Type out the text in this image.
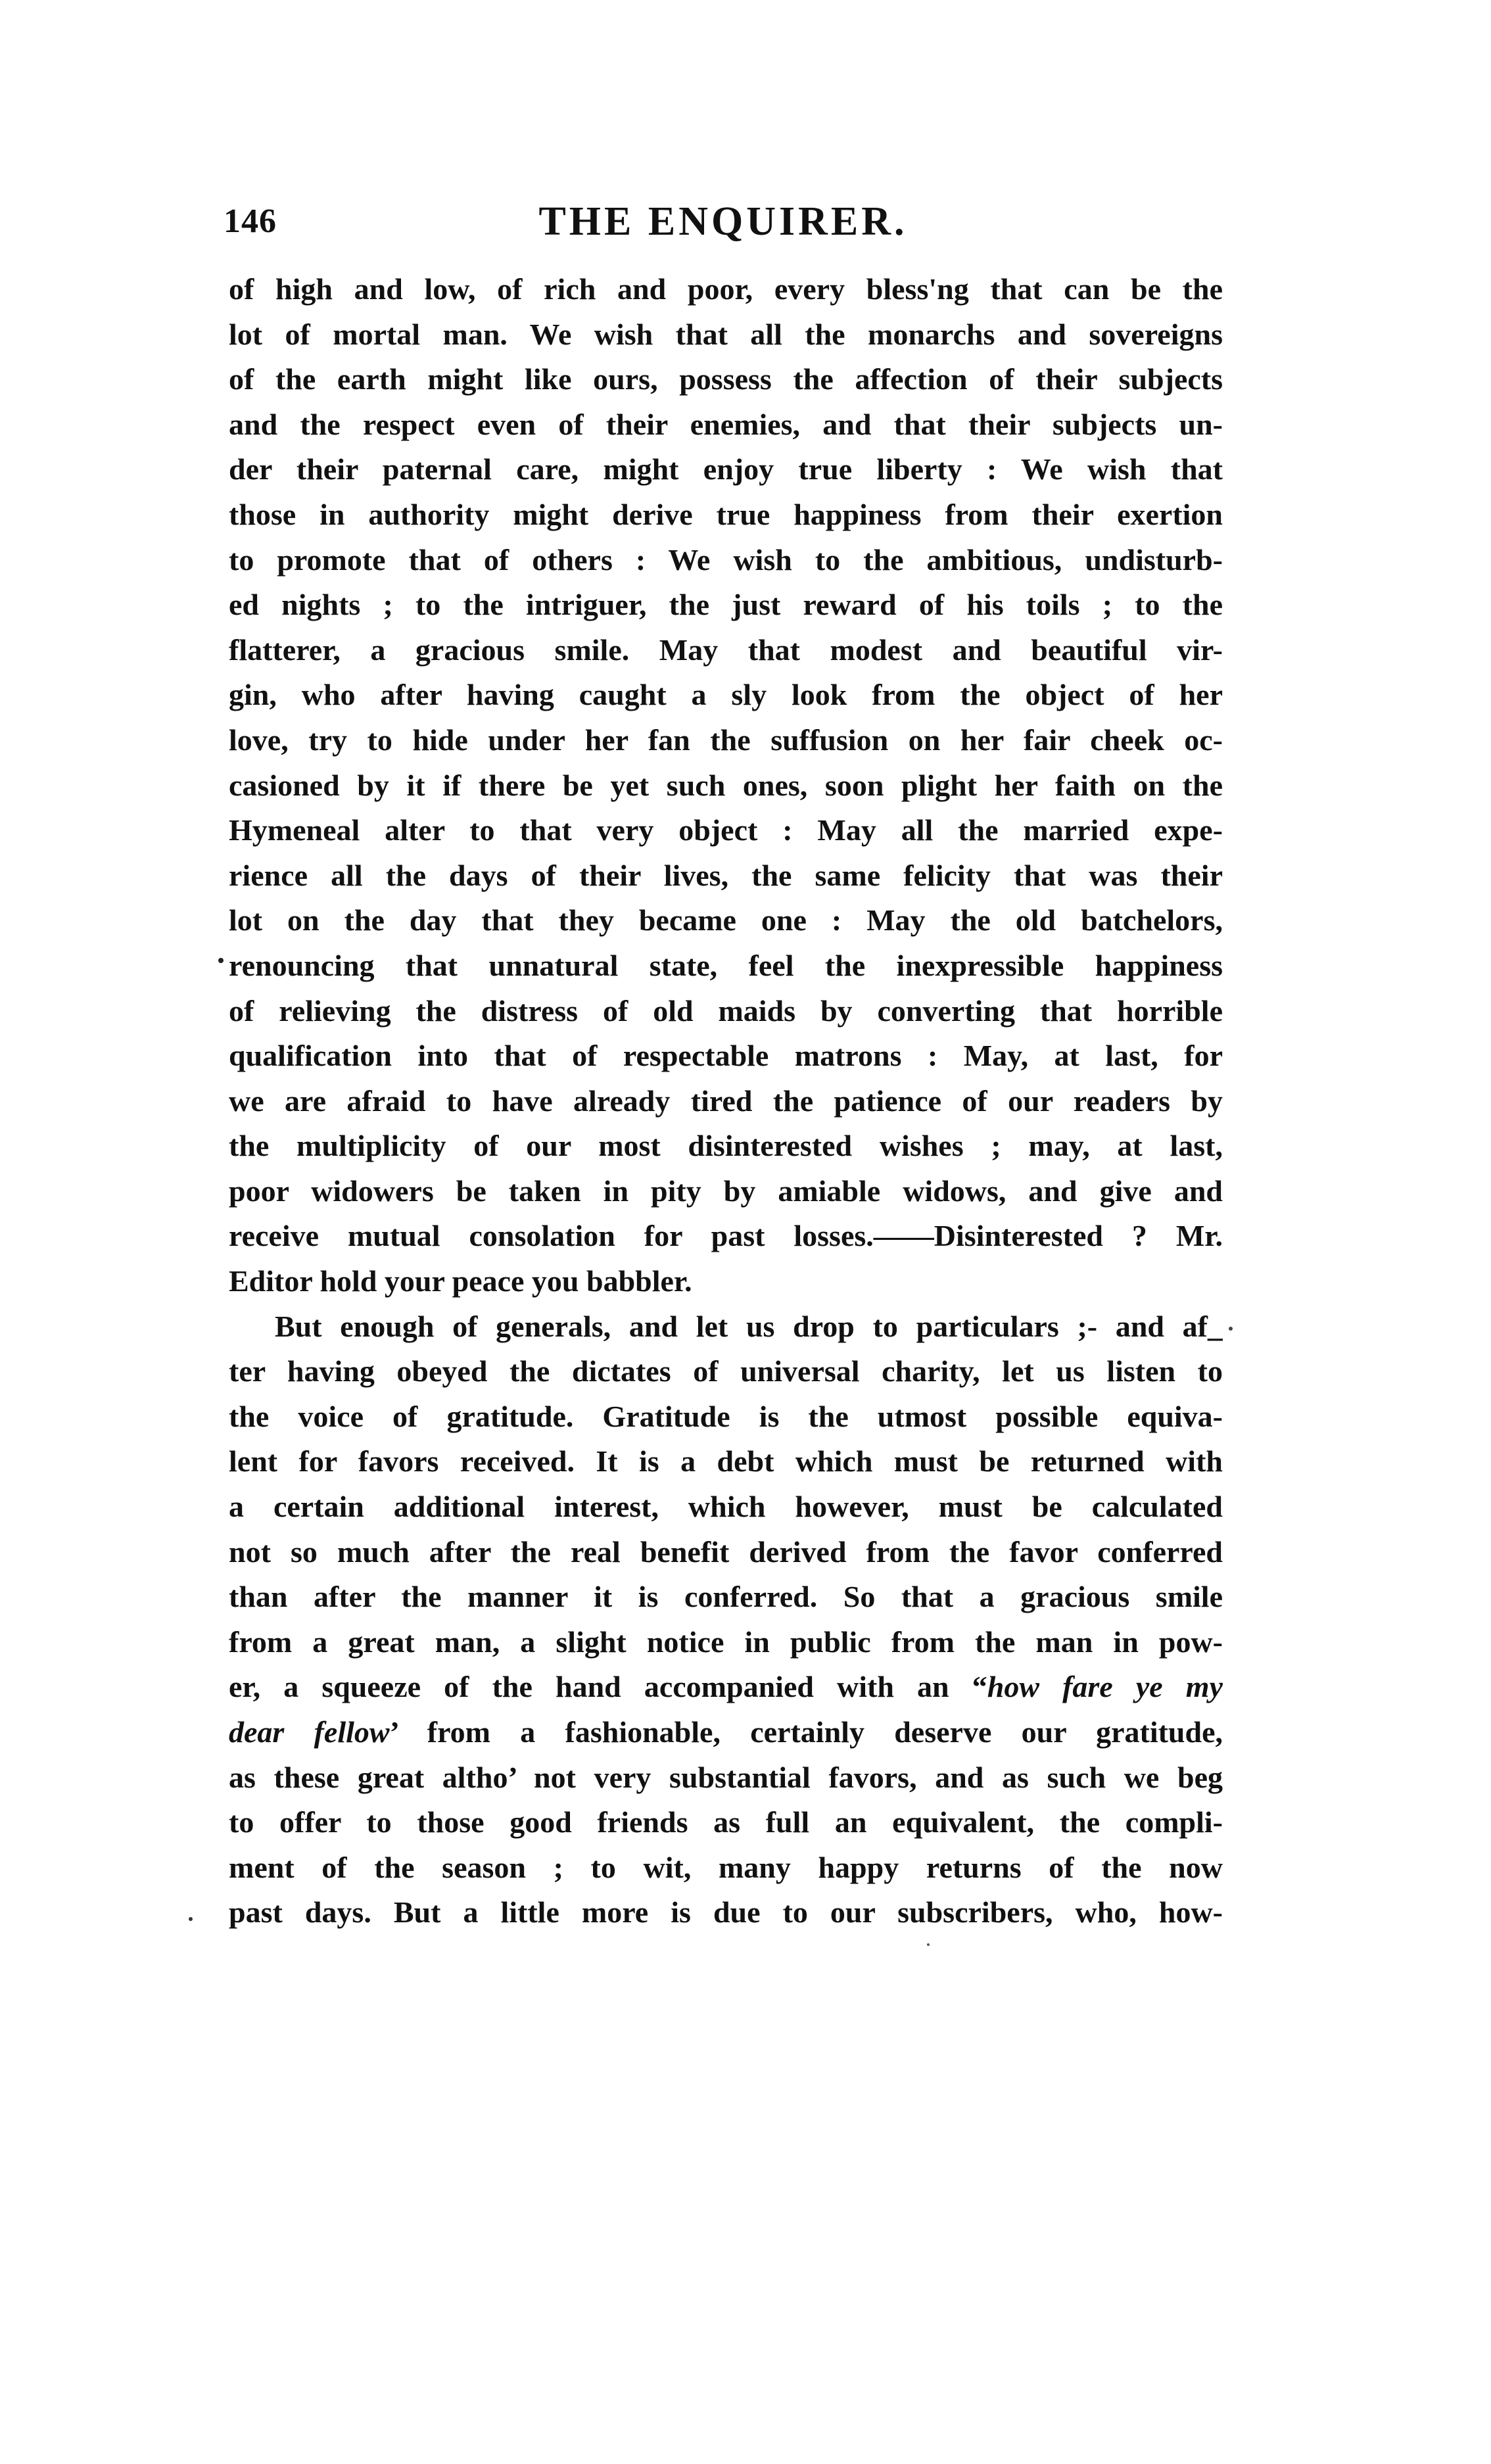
146	THE ENQUIRER.
of high and low, of rich and poor, every bless'ng that can be the
lot of mortal man. We wish that all the monarchs and sovereigns
of the earth might like ours, possess the affection of their subjects
and the respect even of their enemies, and that their subjects un-
der their paternal care, might enjoy true liberty : We wish that
those in authority might derive true happiness from their exertion
to promote that of others : We wish to the ambitious, undisturb-
ed nights ; to the intriguer, the just reward of his toils ; to the
flatterer, a gracious smile. May that modest and beautiful vir-
gin, who after having caught a sly look from the object of her
love, try to hide under her fan the suffusion on her fair cheek oc-
casioned by it if there be yet such ones, soon plight her faith on the
Hymeneal alter to that very object : May all the married expe-
rience all the days of their lives, the same felicity that was their
lot on the day that they became one : May the old batchelors,
renouncing that unnatural state, feel the inexpressible happiness
of relieving the distress of old maids by converting that horrible
qualification into that of respectable matrons : May, at last, for
we are afraid to have already tired the patience of our readers by
the multiplicity of our most disinterested wishes ; may, at last,
poor widowers be taken in pity by amiable widows, and give and
receive mutual consolation for past losses.——Disinterested ? Mr.
Editor hold your peace you babbler.
But enough of generals, and let us drop to particulars ;- and af_
ter having obeyed the dictates of universal charity, let us listen to
the voice of gratitude. Gratitude is the utmost possible equiva-
lent for favors received. It is a debt which must be returned with
a certain additional interest, which however, must be calculated
not so much after the real benefit derived from the favor conferred
than after the manner it is conferred. So that a gracious smile
from a great man, a slight notice in public from the man in pow-
er, a squeeze of the hand accompanied with an “how fare ye my
dear fellow’ from a fashionable, certainly deserve our gratitude,
as these great altho’ not very substantial favors, and as such we beg
to offer to those good friends as full an equivalent, the compli-
ment of the season ; to wit, many happy returns of the now
past days. But a little more is due to our subscribers, who, how-
